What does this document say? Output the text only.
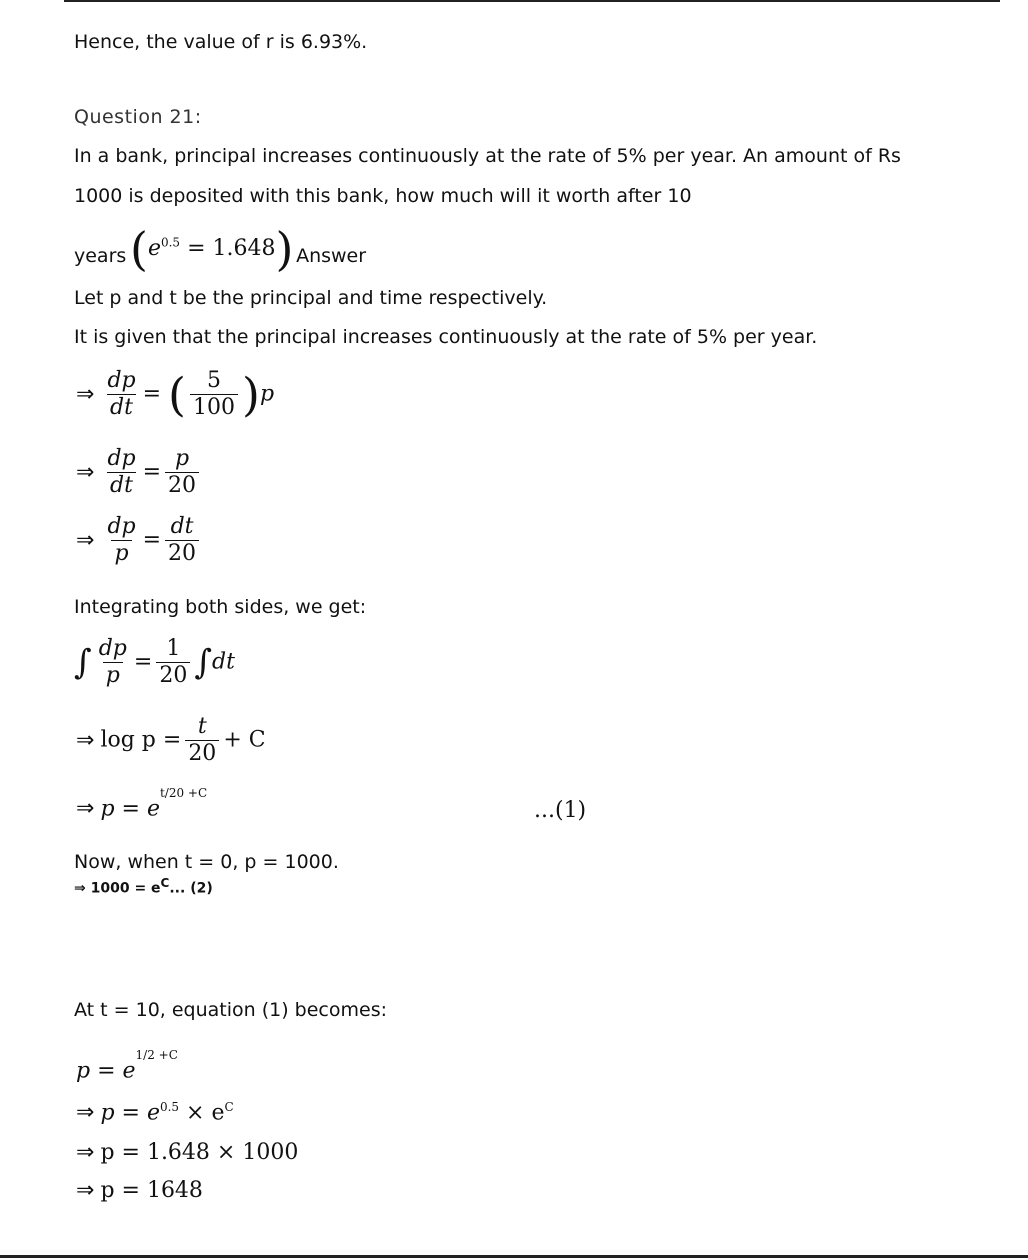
Hence, the value of r is 6.93%.
Question 21:
In a bank, principal increases continuously at the rate of 5% per year. An amount of Rs
1000 is deposited with this bank, how much will it worth after 10
years $(e^{0.5} = 1.648)$
. Answer
Let p and t be the principal and time respectively.
It is given that the principal increases continuously at the rate of 5% per year.
⇒ $\frac{dp}{dt}$ = ( $\frac{5}{100} )p$
⇒ $\frac{dp}{dt} = \frac{p}{20}$
⇒ $\frac{dp}{p} = \frac{dt}{20}$
Integrating both sides, we get:
∫ $\frac{dp}{p} = \frac{1}{20} \int dt$
⇒ $\log p = \frac{t}{20} + C$
⇒ $p = e^{t/20 +C}$
...(1)
Now, when t = 0, p = 1000.
⇒ $1000 = e^C$... (2)
At t = 10, equation (1) becomes:
$p = e^{1/2 +C}$
⇒ $p = e^{0.5} \times e^C$
⇒ p = 1.648 × 1000
⇒ p = 1648
